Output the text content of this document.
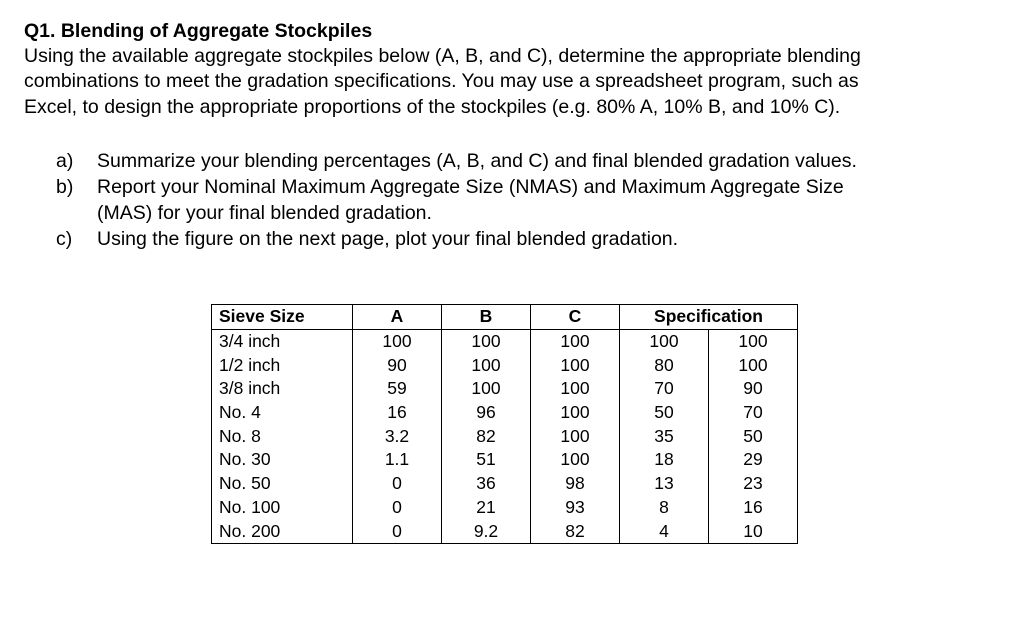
Q1. Blending of Aggregate Stockpiles
Using the available aggregate stockpiles below (A, B, and C), determine the appropriate blending
combinations to meet the gradation specifications. You may use a spreadsheet program, such as
Excel, to design the appropriate proportions of the stockpiles (e.g. 80% A, 10% B, and 10% C).
a) Summarize your blending percentages (A, B, and C) and final blended gradation values.
b) Report your Nominal Maximum Aggregate Size (NMAS) and Maximum Aggregate Size
(MAS) for your final blended gradation.
c) Using the figure on the next page, plot your final blended gradation.
Sieve Size	A	B	C	Specification
3/4 inch	100	100	100	100	100
1/2 inch	90	100	100	80	100
3/8 inch	59	100	100	70	90
No. 4	16	96	100	50	70
No. 8	3.2	82	100	35	50
No. 30	1.1	51	100	18	29
No. 50	0	36	98	13	23
No. 100	0	21	93	8	16
No. 200	0	9.2	82	4	10
